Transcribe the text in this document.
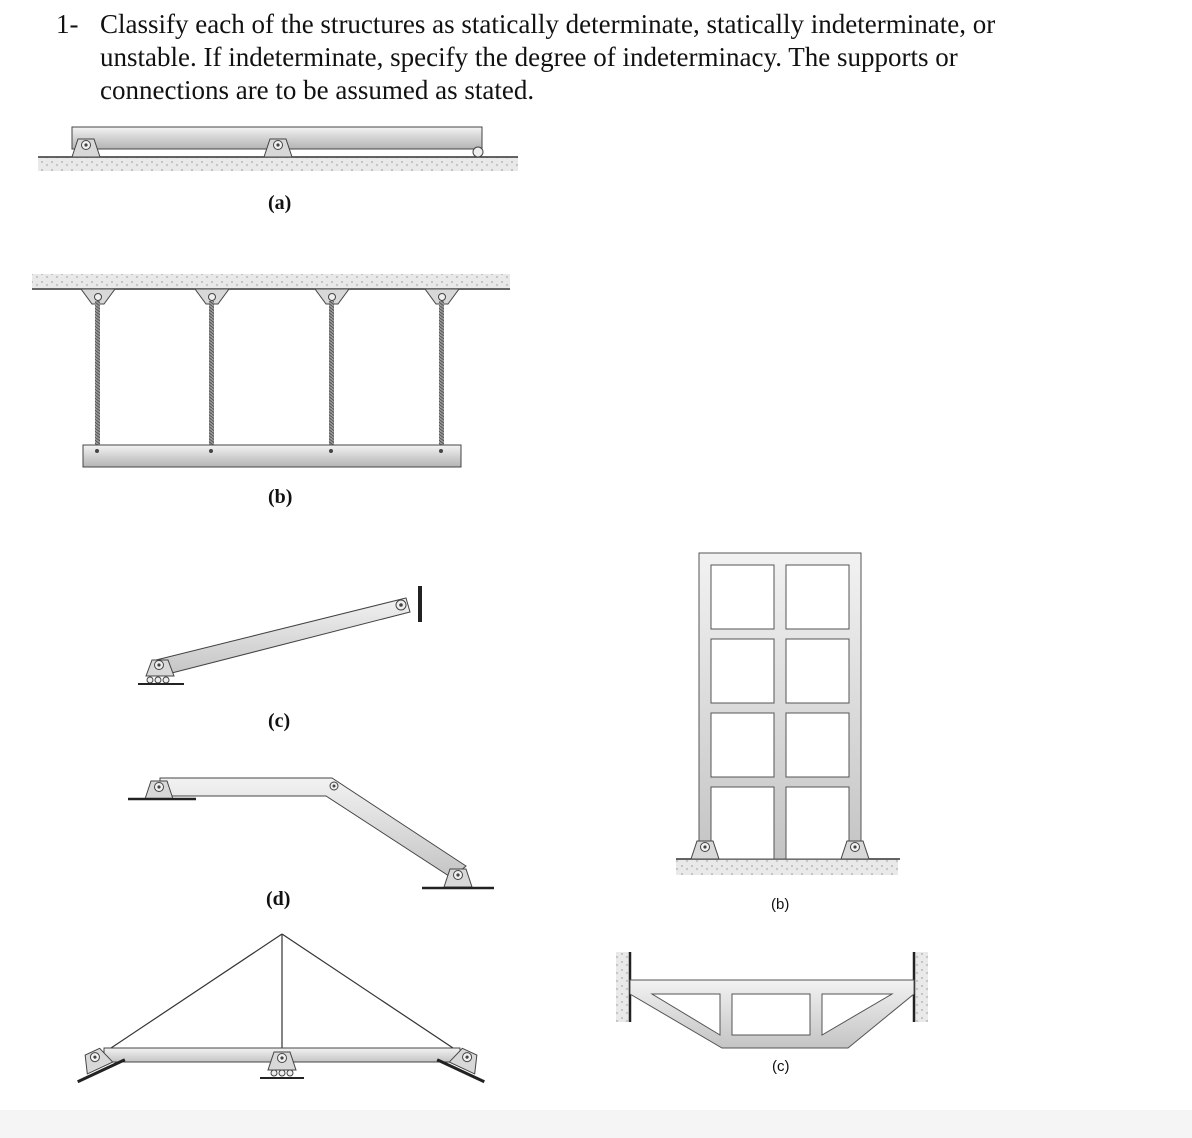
1- Classify each of the structures as statically determinate, statically indeterminate, or unstable. If indeterminate, specify the degree of indeterminacy. The supports or connections are to be assumed as stated.
(a)
(b)
(c)
(d)	(b)
(c)
